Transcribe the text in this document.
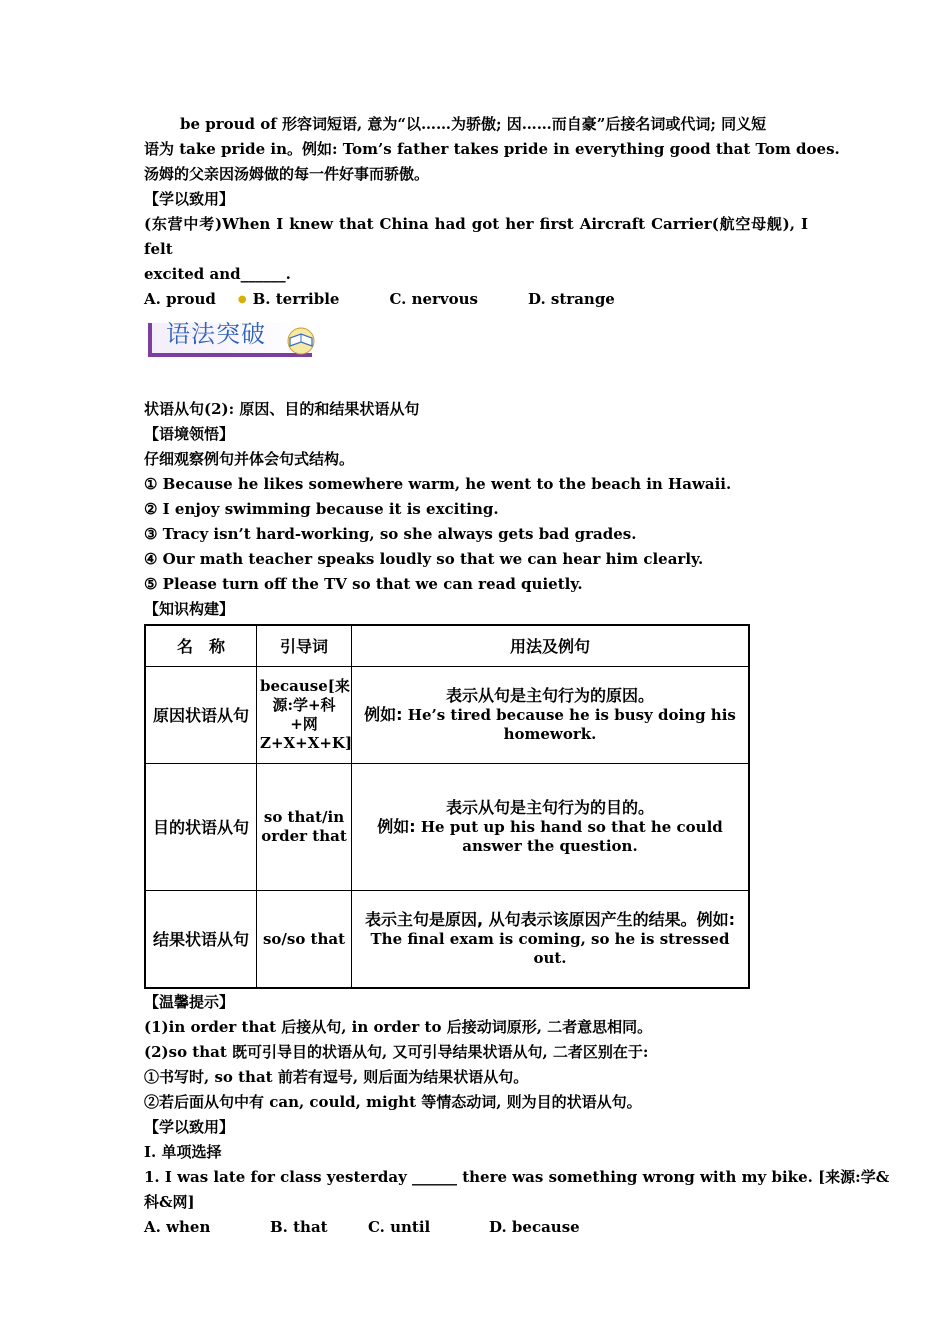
be proud of 形容词短语, 意为“以……为骄傲; 因……而自豪”后接名词或代词; 同义短
语为 take pride in。例如: Tom’s father takes pride in everything good that Tom does.
汤姆的父亲因汤姆做的每一件好事而骄傲。
【学以致用】
(东营中考)When I knew that China had got her first Aircraft Carrier(航空母舰), I felt
excited and______.
A. proud ● B. terrible	C. nervous	D. strange
语法突破
状语从句(2): 原因、目的和结果状语从句
【语境领悟】
仔细观察例句并体会句式结构。
① Because he likes somewhere warm, he went to the beach in Hawaii.
② I enjoy swimming because it is exciting.
③ Tracy isn’t hard-working, so she always gets bad grades.
④ Our math teacher speaks loudly so that we can hear him clearly.
⑤ Please turn off the TV so that we can read quietly.
【知识构建】
名　称	引导词	用法及例句
原因状语从句	because[来源:学+科+网Z+X+X+K]	表示从句是主句行为的原因。
例如: He’s tired because he is busy doing his homework.

目的状语从句	so that/in order that	表示从句是主句行为的目的。
例如: He put up his hand so that he could answer the question.

结果状语从句	so/so that	表示主句是原因, 从句表示该原因产生的结果。例如:
The final exam is coming, so he is stressed out.
【温馨提示】
(1)in order that 后接从句, in order to 后接动词原形, 二者意思相同。
(2)so that 既可引导目的状语从句, 又可引导结果状语从句, 二者区别在于:
①书写时, so that 前若有逗号, 则后面为结果状语从句。
②若后面从句中有 can, could, might 等情态动词, 则为目的状语从句。
【学以致用】
I. 单项选择
1. I was late for class yesterday ______ there was something wrong with my bike. [来源:学&
科&网]
A. when	B. that	C. until	D. because
